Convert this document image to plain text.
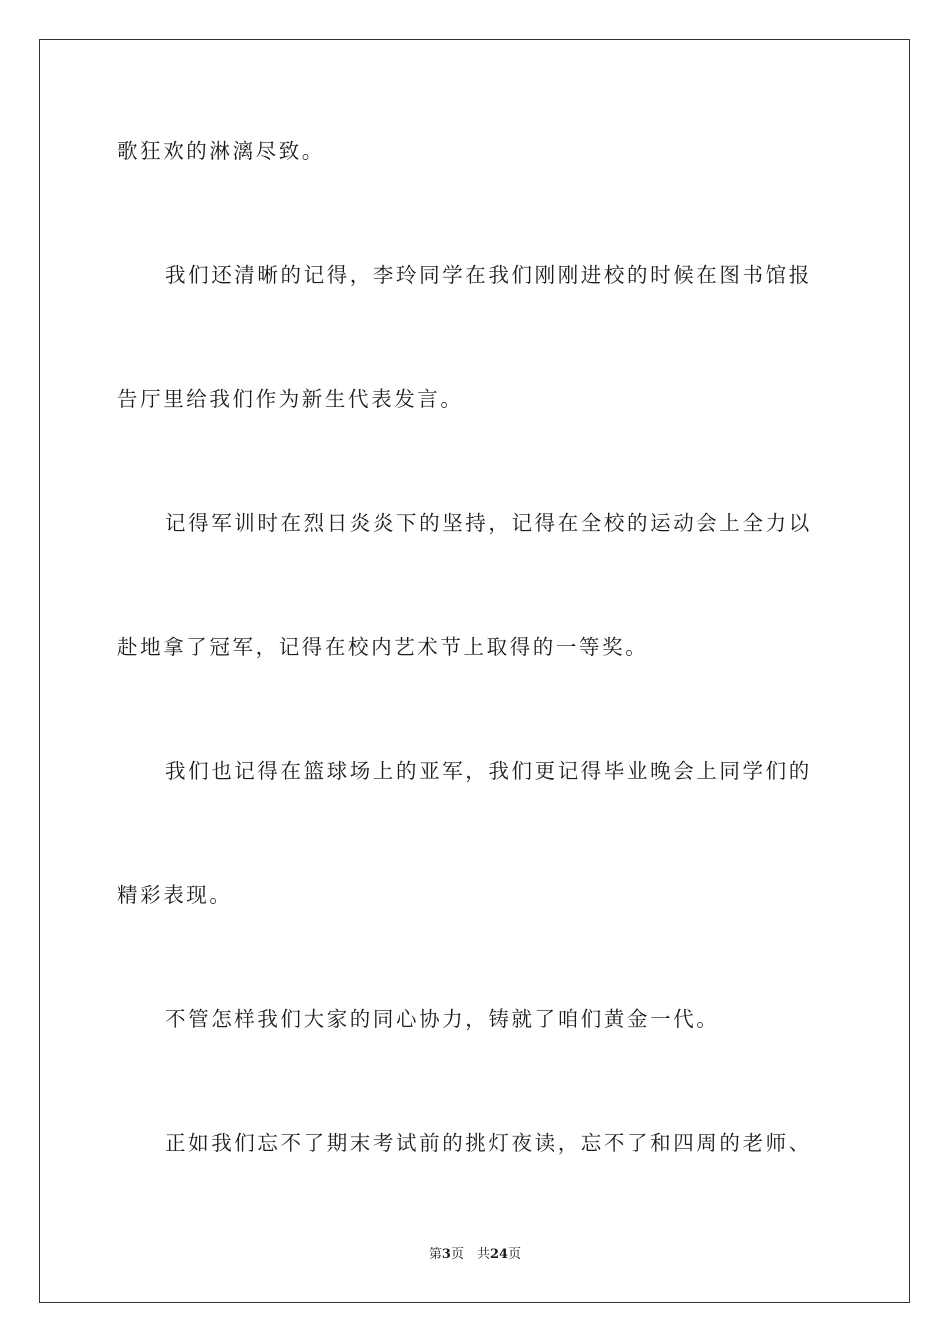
歌狂欢的淋漓尽致。
我们还清晰的记得，李玲同学在我们刚刚进校的时候在图书馆报
告厅里给我们作为新生代表发言。
记得军训时在烈日炎炎下的坚持，记得在全校的运动会上全力以
赴地拿了冠军，记得在校内艺术节上取得的一等奖。
我们也记得在篮球场上的亚军，我们更记得毕业晚会上同学们的
精彩表现。
不管怎样我们大家的同心协力，铸就了咱们黄金一代。
正如我们忘不了期末考试前的挑灯夜读，忘不了和四周的老师、
第3页　共24页
